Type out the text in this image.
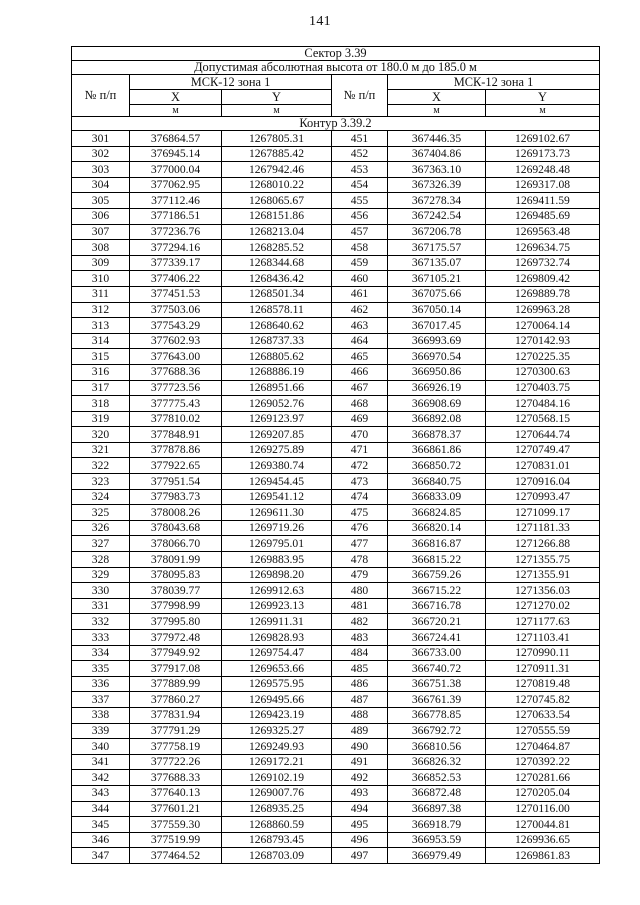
141
Сектор 3.39					
Допустимая абсолютная высота от 180.0 м до 185.0 м					
№ п/п	МСК-12 зона 1		№ п/п	МСК-12 зона 1	
	X	Y		X	Y
	м	м		м	м
Контур 3.39.2					
301	376864.57	1267805.31	451	367446.35	1269102.67
302	376945.14	1267885.42	452	367404.86	1269173.73
303	377000.04	1267942.46	453	367363.10	1269248.48
304	377062.95	1268010.22	454	367326.39	1269317.08
305	377112.46	1268065.67	455	367278.34	1269411.59
306	377186.51	1268151.86	456	367242.54	1269485.69
307	377236.76	1268213.04	457	367206.78	1269563.48
308	377294.16	1268285.52	458	367175.57	1269634.75
309	377339.17	1268344.68	459	367135.07	1269732.74
310	377406.22	1268436.42	460	367105.21	1269809.42
311	377451.53	1268501.34	461	367075.66	1269889.78
312	377503.06	1268578.11	462	367050.14	1269963.28
313	377543.29	1268640.62	463	367017.45	1270064.14
314	377602.93	1268737.33	464	366993.69	1270142.93
315	377643.00	1268805.62	465	366970.54	1270225.35
316	377688.36	1268886.19	466	366950.86	1270300.63
317	377723.56	1268951.66	467	366926.19	1270403.75
318	377775.43	1269052.76	468	366908.69	1270484.16
319	377810.02	1269123.97	469	366892.08	1270568.15
320	377848.91	1269207.85	470	366878.37	1270644.74
321	377878.86	1269275.89	471	366861.86	1270749.47
322	377922.65	1269380.74	472	366850.72	1270831.01
323	377951.54	1269454.45	473	366840.75	1270916.04
324	377983.73	1269541.12	474	366833.09	1270993.47
325	378008.26	1269611.30	475	366824.85	1271099.17
326	378043.68	1269719.26	476	366820.14	1271181.33
327	378066.70	1269795.01	477	366816.87	1271266.88
328	378091.99	1269883.95	478	366815.22	1271355.75
329	378095.83	1269898.20	479	366759.26	1271355.91
330	378039.77	1269912.63	480	366715.22	1271356.03
331	377998.99	1269923.13	481	366716.78	1271270.02
332	377995.80	1269911.31	482	366720.21	1271177.63
333	377972.48	1269828.93	483	366724.41	1271103.41
334	377949.92	1269754.47	484	366733.00	1270990.11
335	377917.08	1269653.66	485	366740.72	1270911.31
336	377889.99	1269575.95	486	366751.38	1270819.48
337	377860.27	1269495.66	487	366761.39	1270745.82
338	377831.94	1269423.19	488	366778.85	1270633.54
339	377791.29	1269325.27	489	366792.72	1270555.59
340	377758.19	1269249.93	490	366810.56	1270464.87
341	377722.26	1269172.21	491	366826.32	1270392.22
342	377688.33	1269102.19	492	366852.53	1270281.66
343	377640.13	1269007.76	493	366872.48	1270205.04
344	377601.21	1268935.25	494	366897.38	1270116.00
345	377559.30	1268860.59	495	366918.79	1270044.81
346	377519.99	1268793.45	496	366953.59	1269936.65
347	377464.52	1268703.09	497	366979.49	1269861.83
